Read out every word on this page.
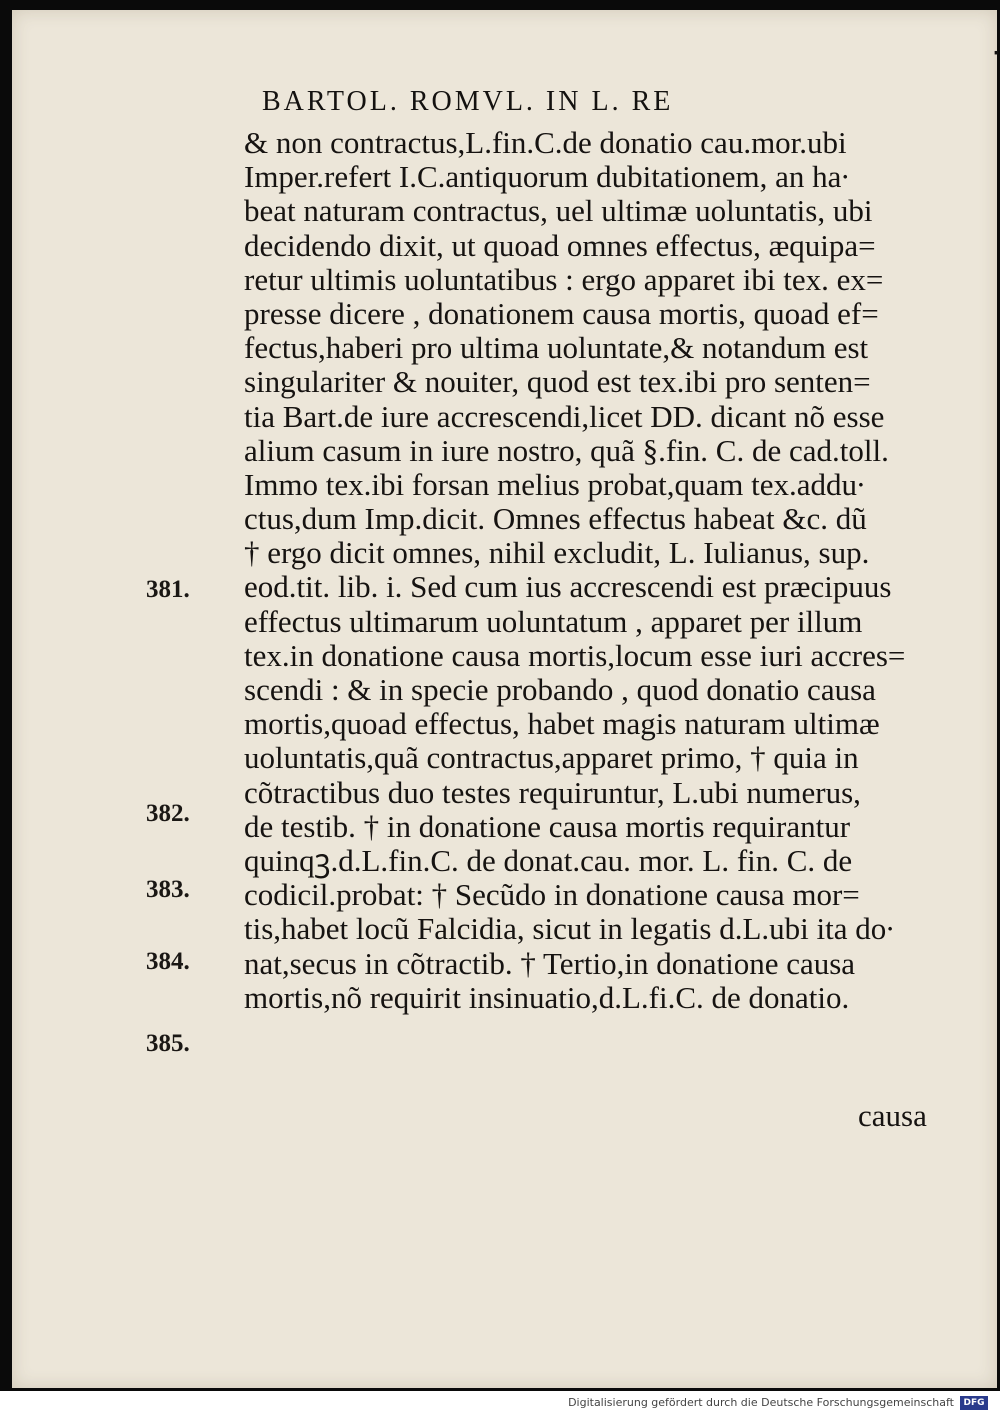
▪
BARTOL. ROMVL. IN L. RE
& non contractus,L.fin.C.de donatio cau.mor.ubi
Imper.refert I.C.antiquorum dubitationem, an ha∙
beat naturam contractus, uel ultimæ uoluntatis, ubi
decidendo dixit, ut quoad omnes effectus, æquipa=
retur ultimis uoluntatibus : ergo apparet ibi tex. ex=
presse dicere , donationem causa mortis, quoad ef=
fectus,haberi pro ultima uoluntate,& notandum est
singulariter & nouiter, quod est tex.ibi pro senten=
tia Bart.de iure accrescendi,licet DD. dicant nõ esse
alium casum in iure nostro, quã §.fin. C. de cad.toll.
Immo tex.ibi forsan melius probat,quam tex.addu∙
ctus,dum Imp.dicit. Omnes effectus habeat &c. dũ
† ergo dicit omnes, nihil excludit, L. Iulianus, sup.
eod.tit. lib. i. Sed cum ius accrescendi est præcipuus
effectus ultimarum uoluntatum , apparet per illum
tex.in donatione causa mortis,locum esse iuri accres=
scendi : & in specie probando , quod donatio causa
mortis,quoad effectus, habet magis naturam ultimæ
uoluntatis,quã contractus,apparet primo, † quia in
cõtractibus duo testes requiruntur, L.ubi numerus,
de testib. † in donatione causa mortis requirantur
quinqꝫ.d.L.fin.C. de donat.cau. mor. L. fin. C. de
codicil.probat: † Secũdo in donatione causa mor=
tis,habet locũ Falcidia, sicut in legatis d.L.ubi ita do∙
nat,secus in cõtractib. † Tertio,in donatione causa
mortis,nõ requirit insinuatio,d.L.fi.C. de donatio.
381.
382.
383.
384.
385.
causa
Digitalisierung gefördert durch die Deutsche Forschungsgemeinschaft	DFG
